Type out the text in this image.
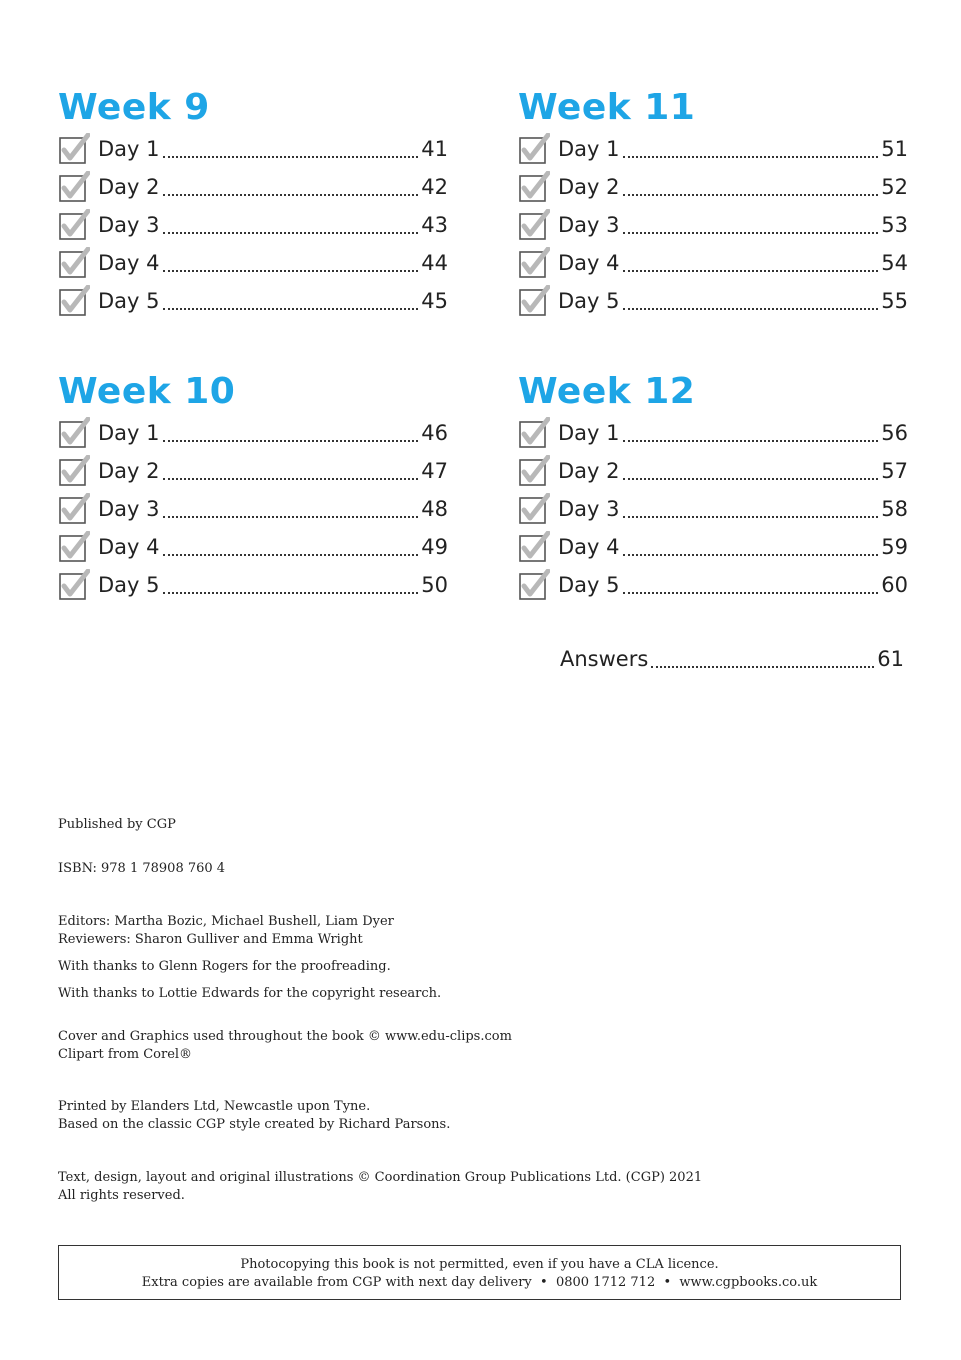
Week 9
Day 1	41
Day 2	42
Day 3	43
Day 4	44
Day 5	45
Week 11
Day 1	51
Day 2	52
Day 3	53
Day 4	54
Day 5	55
Week 10
Day 1	46
Day 2	47
Day 3	48
Day 4	49
Day 5	50
Week 12
Day 1	56
Day 2	57
Day 3	58
Day 4	59
Day 5	60
Answers	61

Published by CGP

ISBN: 978 1 78908 760 4

Editors: Martha Bozic, Michael Bushell, Liam Dyer

Reviewers: Sharon Gulliver and Emma Wright

With thanks to Glenn Rogers for the proofreading.

With thanks to Lottie Edwards for the copyright research.

Cover and Graphics used throughout the book © www.edu-clips.com

Clipart from Corel®

Printed by Elanders Ltd, Newcastle upon Tyne.

Based on the classic CGP style created by Richard Parsons.

Text, design, layout and original illustrations © Coordination Group Publications Ltd. (CGP) 2021

All rights reserved.

Photocopying this book is not permitted, even if you have a CLA licence.

Extra copies are available from CGP with next day delivery  •  0800 1712 712  •  www.cgpbooks.co.uk
